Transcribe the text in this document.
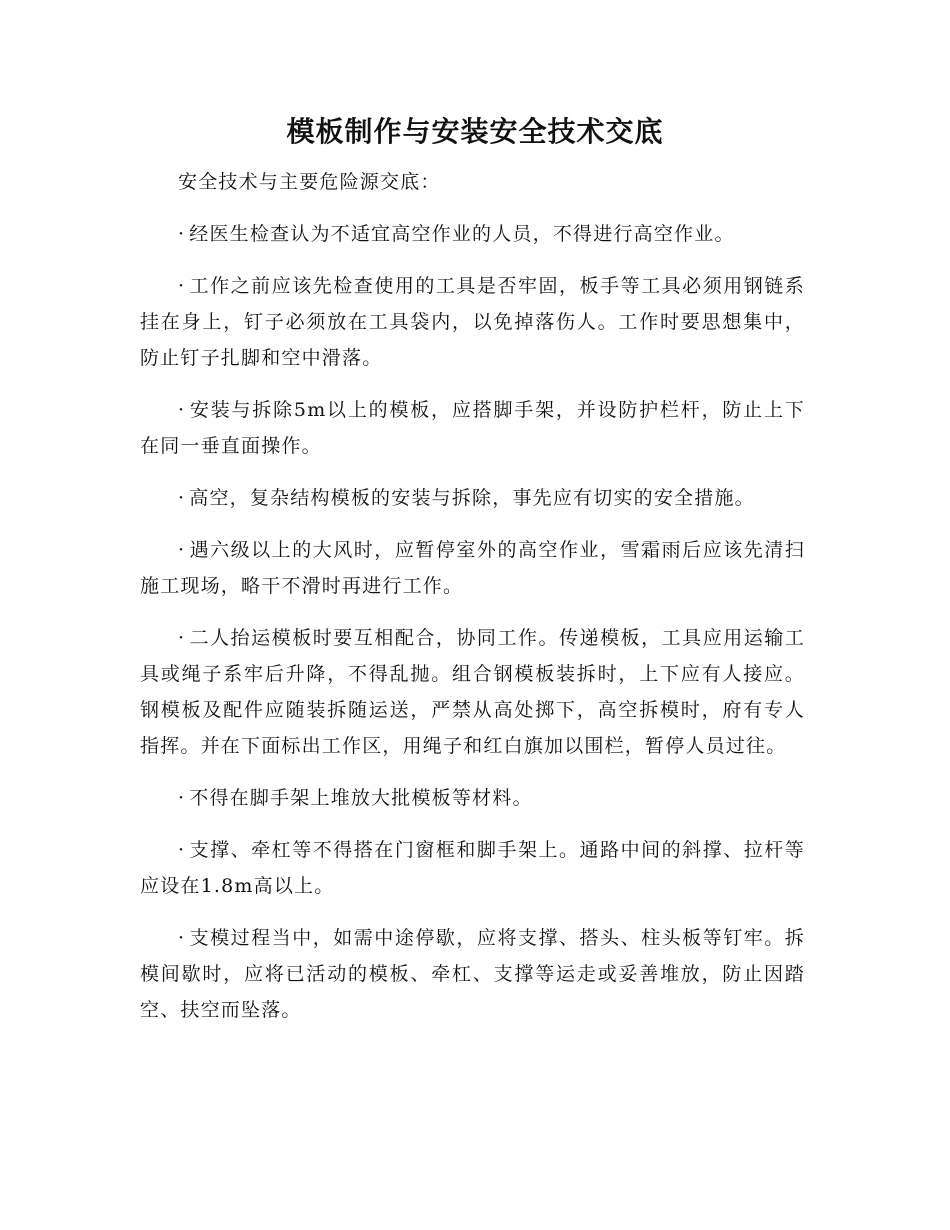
模板制作与安装安全技术交底

安全技术与主要危险源交底：

· 经医生检查认为不适宜高空作业的人员，不得进行高空作业。

· 工作之前应该先检查使用的工具是否牢固，板手等工具必须用钢链系挂在身上，钉子必须放在工具袋内，以免掉落伤人。工作时要思想集中，防止钉子扎脚和空中滑落。

· 安装与拆除5m以上的模板，应搭脚手架，并设防护栏杆，防止上下在同一垂直面操作。

· 高空，复杂结构模板的安装与拆除，事先应有切实的安全措施。

· 遇六级以上的大风时，应暂停室外的高空作业，雪霜雨后应该先清扫施工现场，略干不滑时再进行工作。

· 二人抬运模板时要互相配合，协同工作。传递模板，工具应用运输工具或绳子系牢后升降，不得乱抛。组合钢模板装拆时，上下应有人接应。钢模板及配件应随装拆随运送，严禁从高处掷下，高空拆模时，府有专人指挥。并在下面标出工作区，用绳子和红白旗加以围栏，暂停人员过往。

· 不得在脚手架上堆放大批模板等材料。

· 支撑、牵杠等不得搭在门窗框和脚手架上。通路中间的斜撑、拉杆等应设在1.8m高以上。

· 支模过程当中，如需中途停歇，应将支撑、搭头、柱头板等钉牢。拆模间歇时，应将已活动的模板、牵杠、支撑等运走或妥善堆放，防止因踏空、扶空而坠落。
